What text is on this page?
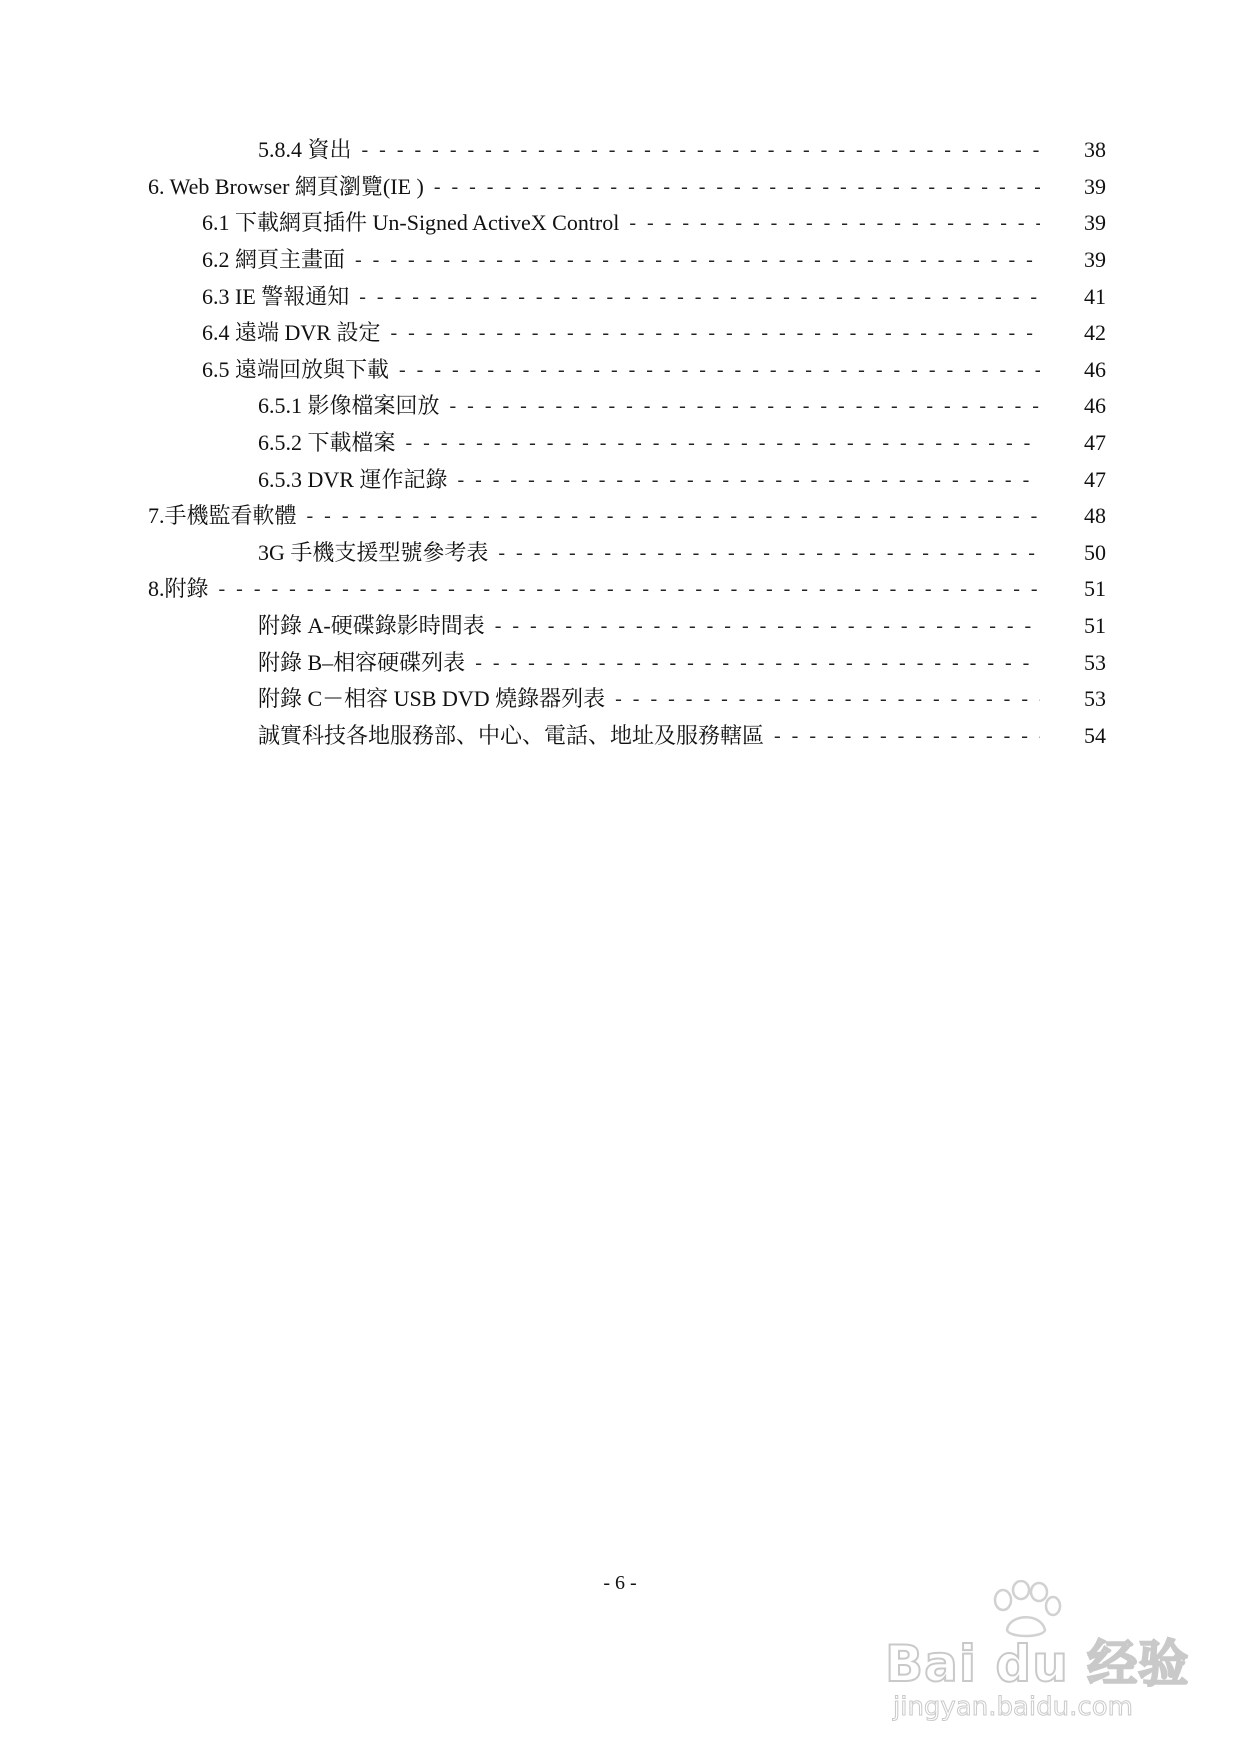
5.8.4 資出 - - -	38
6. Web Browser 網頁瀏覽(IE ) - - -	39
6.1 下載網頁插件 Un-Signed ActiveX Control - - -	39
6.2 網頁主畫面 - - -	39
6.3 IE 警報通知 - - -	41
6.4 遠端 DVR 設定 - - -	42
6.5 遠端回放與下載 - - -	46
6.5.1 影像檔案回放 - - -	46
6.5.2 下載檔案 - - -	47
6.5.3 DVR 運作記錄 - - -	47
7.手機監看軟體 - - -	48
3G 手機支援型號參考表 - - -	50
8.附錄 - - -	51
附錄 A-硬碟錄影時間表 - - -	51
附錄 B–相容硬碟列表 - - -	53
附錄 C－相容 USB DVD 燒錄器列表 - - -	53
誠實科技各地服務部、中心、電話、地址及服務轄區 - - -	54
- 6 -
Bai du 经验
jingyan.baidu.com
